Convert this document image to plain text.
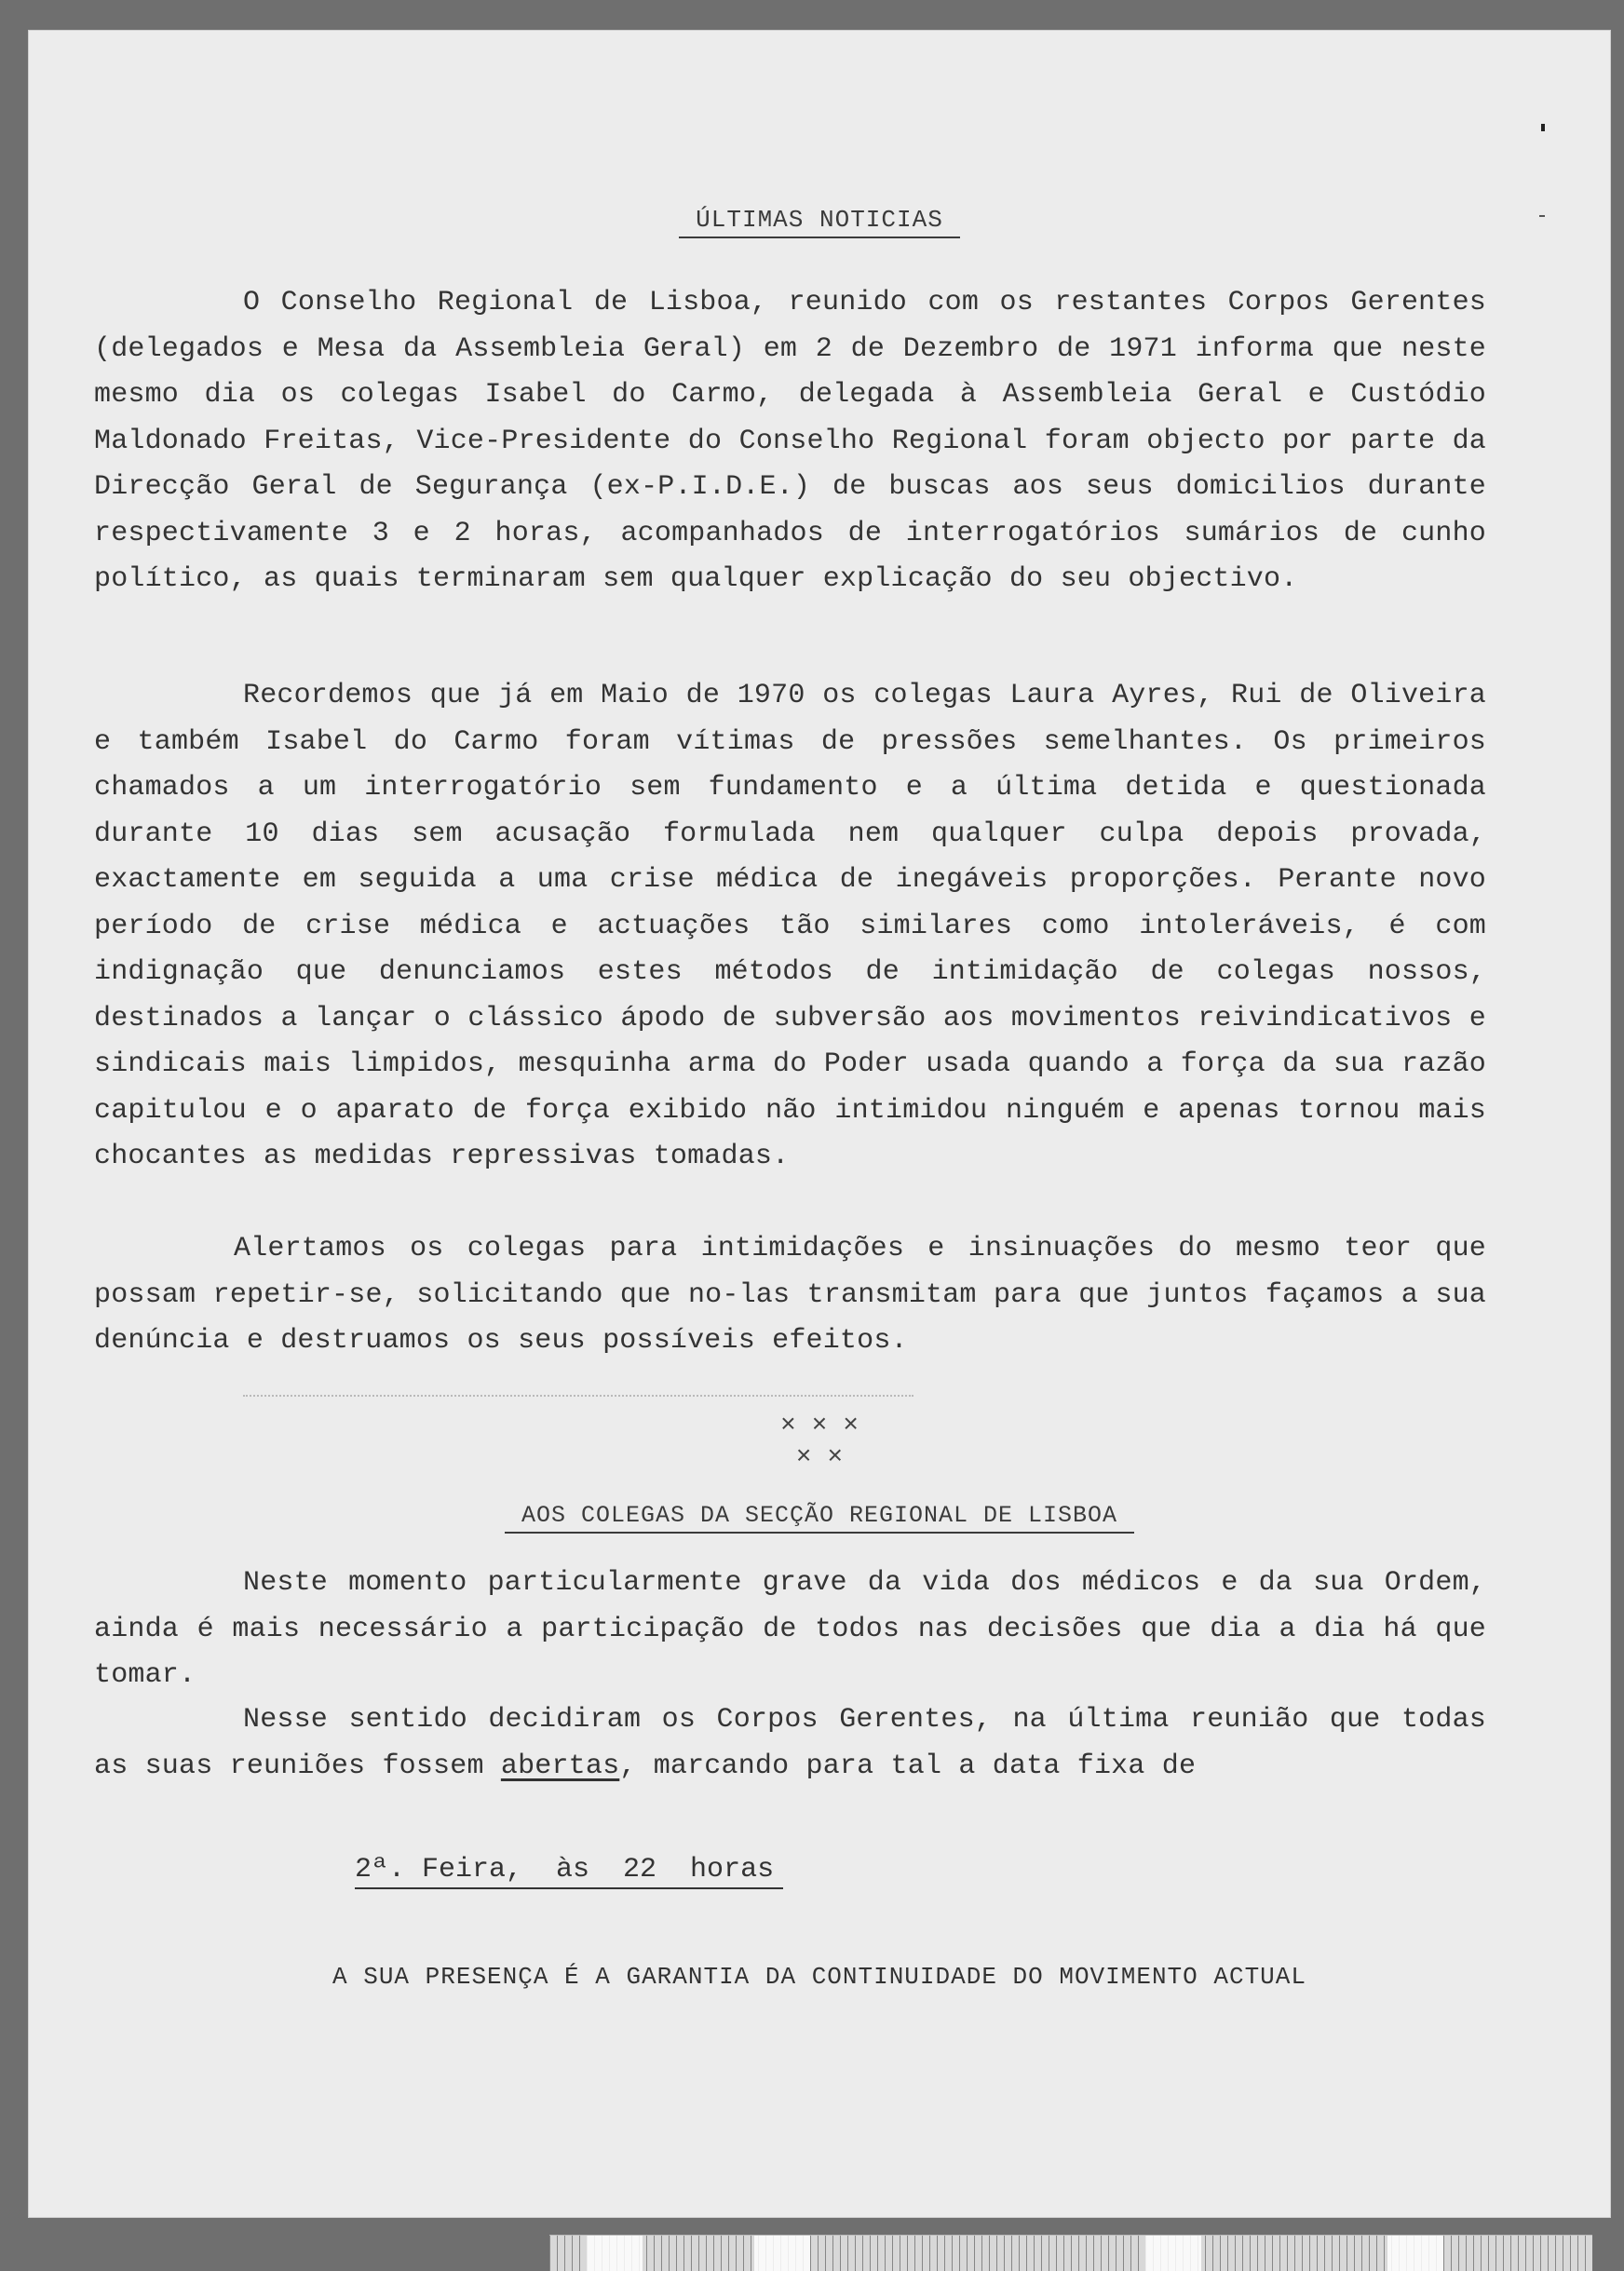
ÚLTIMAS NOTICIAS
O Conselho Regional de Lisboa, reunido com os restantes Corpos Gerentes (delegados e Mesa da Assembleia Geral) em 2 de Dezembro de 1971 informa que neste mesmo dia os colegas Isabel do Carmo, delegada à Assembleia Geral e Custódio Maldonado Freitas, Vice-Presidente do Conselho Regional foram objecto por parte da Direcção Geral de Segurança (ex-P.I.D.E.) de buscas aos seus domicilios durante respectivamente 3 e 2 horas, acompanhados de interrogatórios sumários de cunho político, as quais terminaram sem qualquer explicação do seu objectivo.
Recordemos que já em Maio de 1970 os colegas Laura Ayres, Rui de Oliveira e também Isabel do Carmo foram vítimas de pressões semelhantes. Os primeiros chamados a um interrogatório sem fundamento e a última detida e questionada durante 10 dias sem acusação formulada nem qualquer culpa depois provada, exactamente em seguida a uma crise médica de inegáveis proporções. Perante novo período de crise médica e actuações tão similares como intoleráveis, é com indignação que denunciamos estes métodos de intimidação de colegas nossos, destinados a lançar o clássico ápodo de subversão aos movimentos reivindicativos e sindicais mais limpidos, mesquinha arma do Poder usada quando a força da sua razão capitulou e o aparato de força exibido não intimidou ninguém e apenas tornou mais chocantes as medidas repressivas tomadas.
Alertamos os colegas para intimidações e insinuações do mesmo teor que possam repetir-se, solicitando que no-las transmitam para que juntos façamos a sua denúncia e destruamos os seus possíveis efeitos.
× × ×
× ×
AOS COLEGAS DA SECÇÃO REGIONAL DE LISBOA
Neste momento particularmente grave da vida dos médicos e da sua Ordem, ainda é mais necessário a participação de todos nas decisões que dia a dia há que tomar.
Nesse sentido decidiram os Corpos Gerentes, na última reunião que todas as suas reuniões fossem abertas, marcando para tal a data fixa de
2ª. Feira,  às  22  horas
A SUA PRESENÇA É A GARANTIA DA CONTINUIDADE DO MOVIMENTO ACTUAL
